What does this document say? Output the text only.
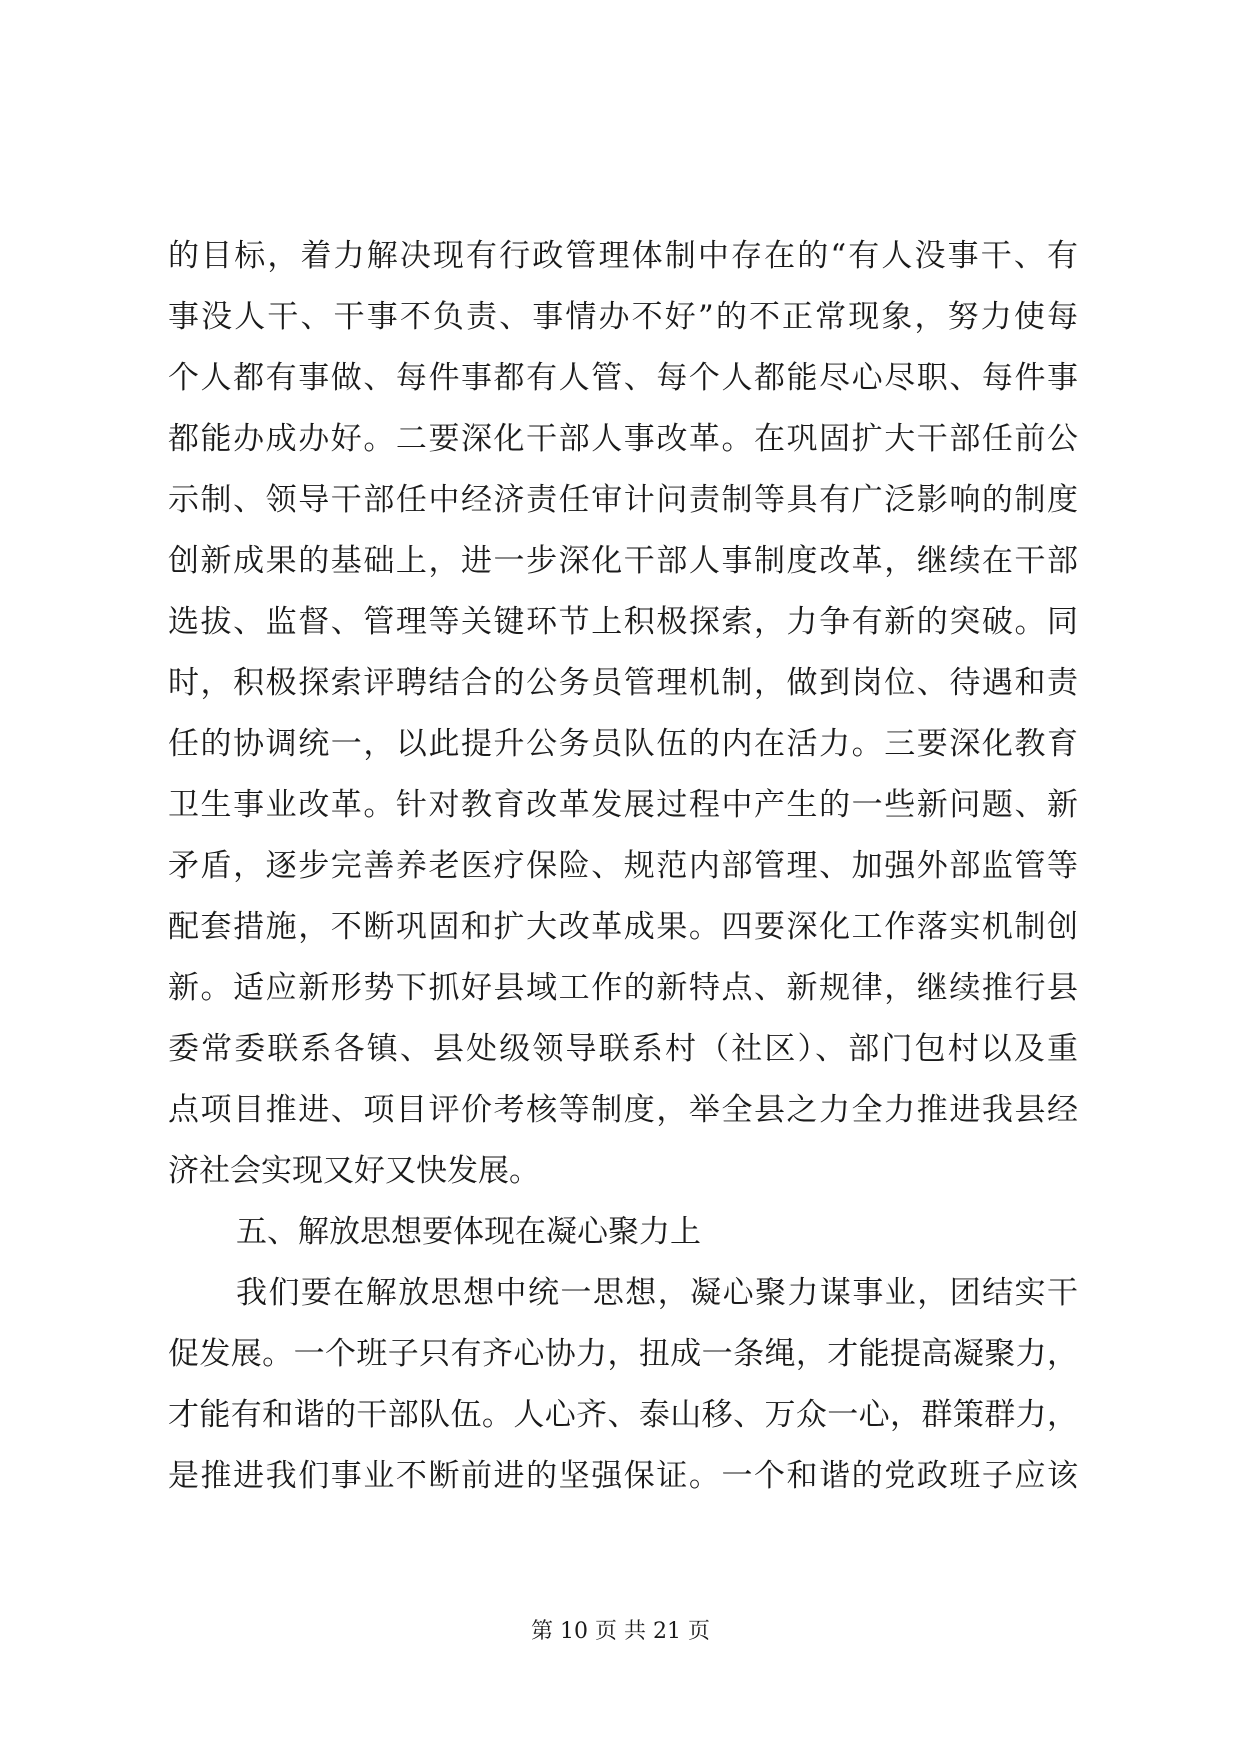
的目标，着力解决现有行政管理体制中存在的“有人没事干、有
事没人干、干事不负责、事情办不好”的不正常现象，努力使每
个人都有事做、每件事都有人管、每个人都能尽心尽职、每件事
都能办成办好。二要深化干部人事改革。在巩固扩大干部任前公
示制、领导干部任中经济责任审计问责制等具有广泛影响的制度
创新成果的基础上，进一步深化干部人事制度改革，继续在干部
选拔、监督、管理等关键环节上积极探索，力争有新的突破。同
时，积极探索评聘结合的公务员管理机制，做到岗位、待遇和责
任的协调统一，以此提升公务员队伍的内在活力。三要深化教育
卫生事业改革。针对教育改革发展过程中产生的一些新问题、新
矛盾，逐步完善养老医疗保险、规范内部管理、加强外部监管等
配套措施，不断巩固和扩大改革成果。四要深化工作落实机制创
新。适应新形势下抓好县域工作的新特点、新规律，继续推行县
委常委联系各镇、县处级领导联系村（社区）、部门包村以及重
点项目推进、项目评价考核等制度，举全县之力全力推进我县经
济社会实现又好又快发展。
五、解放思想要体现在凝心聚力上
我们要在解放思想中统一思想，凝心聚力谋事业，团结实干
促发展。一个班子只有齐心协力，扭成一条绳，才能提高凝聚力，
才能有和谐的干部队伍。人心齐、泰山移、万众一心，群策群力，
是推进我们事业不断前进的坚强保证。一个和谐的党政班子应该
第 10 页 共 21 页
